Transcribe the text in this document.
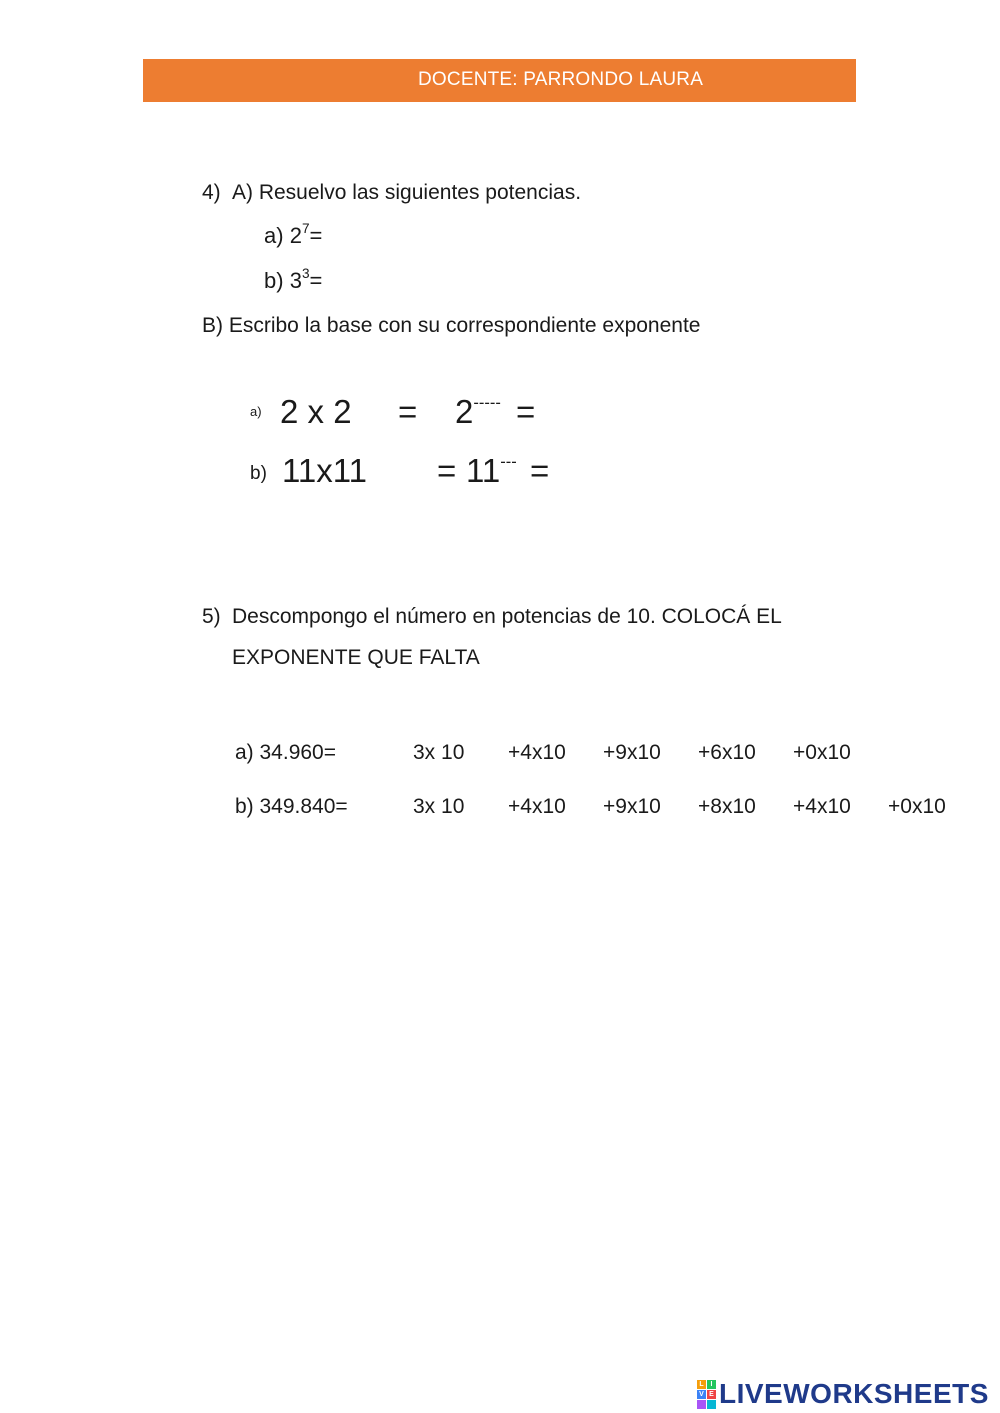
DOCENTE: PARRONDO LAURA
4) A) Resuelvo las siguientes potencias.
a) $2^7=$
b) $3^3=$
B) Escribo la base con su correspondiente exponente
a) 2 x 2 = 2----- =
b) 11x11 = 11--- =
5) Descompongo el número en potencias de 10. COLOCÁ EL
EXPONENTE QUE FALTA
a) 34.960=	3x 10 +4x10 +9x10 +6x10 +0x10
b) 349.840=	3x 10 +4x10 +9x10 +8x10 +4x10 +0x10
L I
V E LIVEWORKSHEETS
